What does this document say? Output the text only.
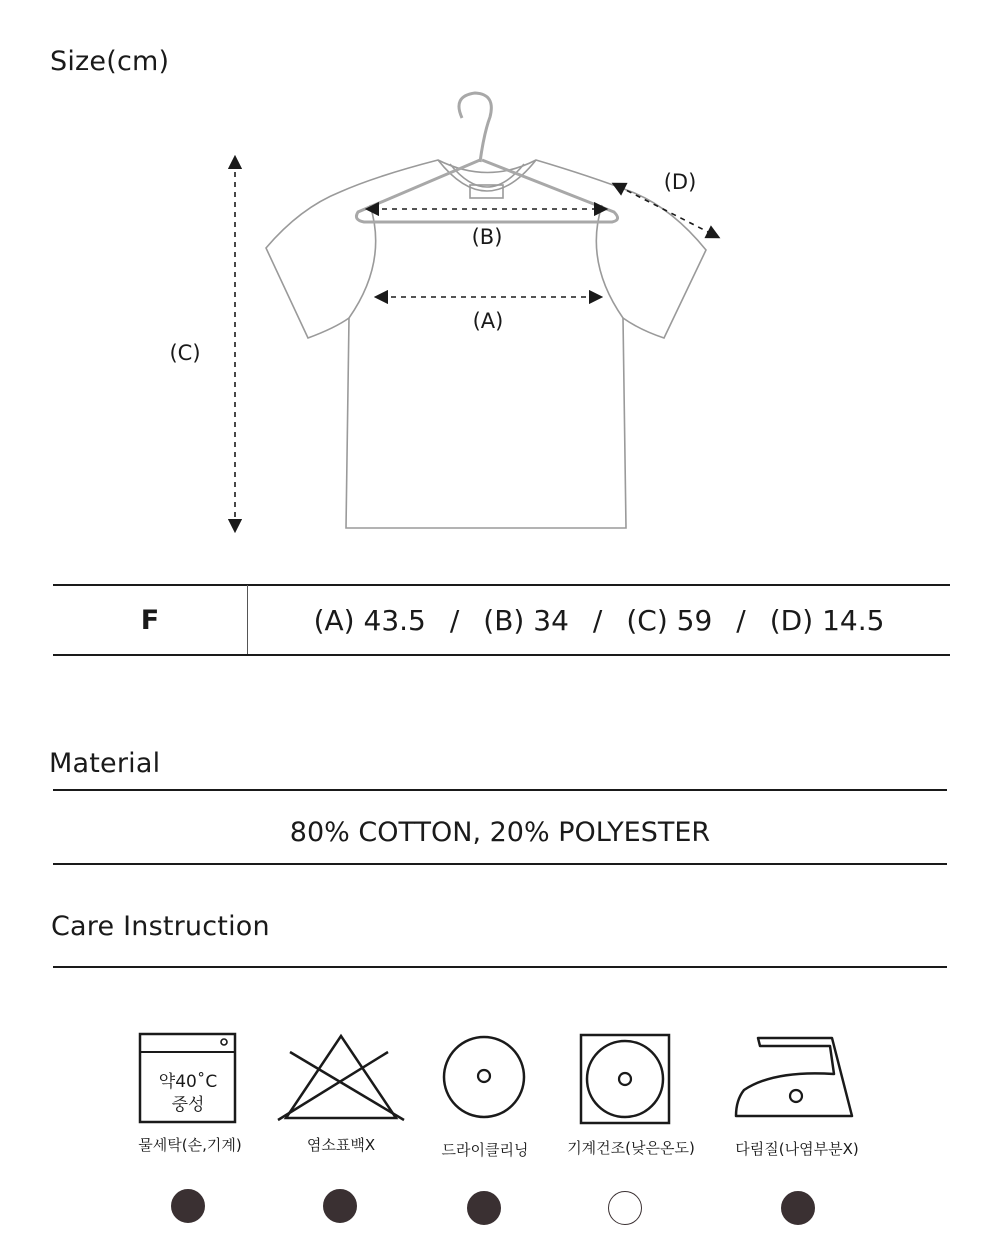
Size(cm)
(A)
(B)
(C)
(D)
F	(A) 43.5 / (B) 34 / (C) 59 / (D) 14.5
Material
80% COTTON, 20% POLYESTER
Care Instruction
약40˚C
중성
물세탁(손,기계)	염소표백X	드라이클리닝	기계건조(낮은온도)	다림질(나염부분X)
